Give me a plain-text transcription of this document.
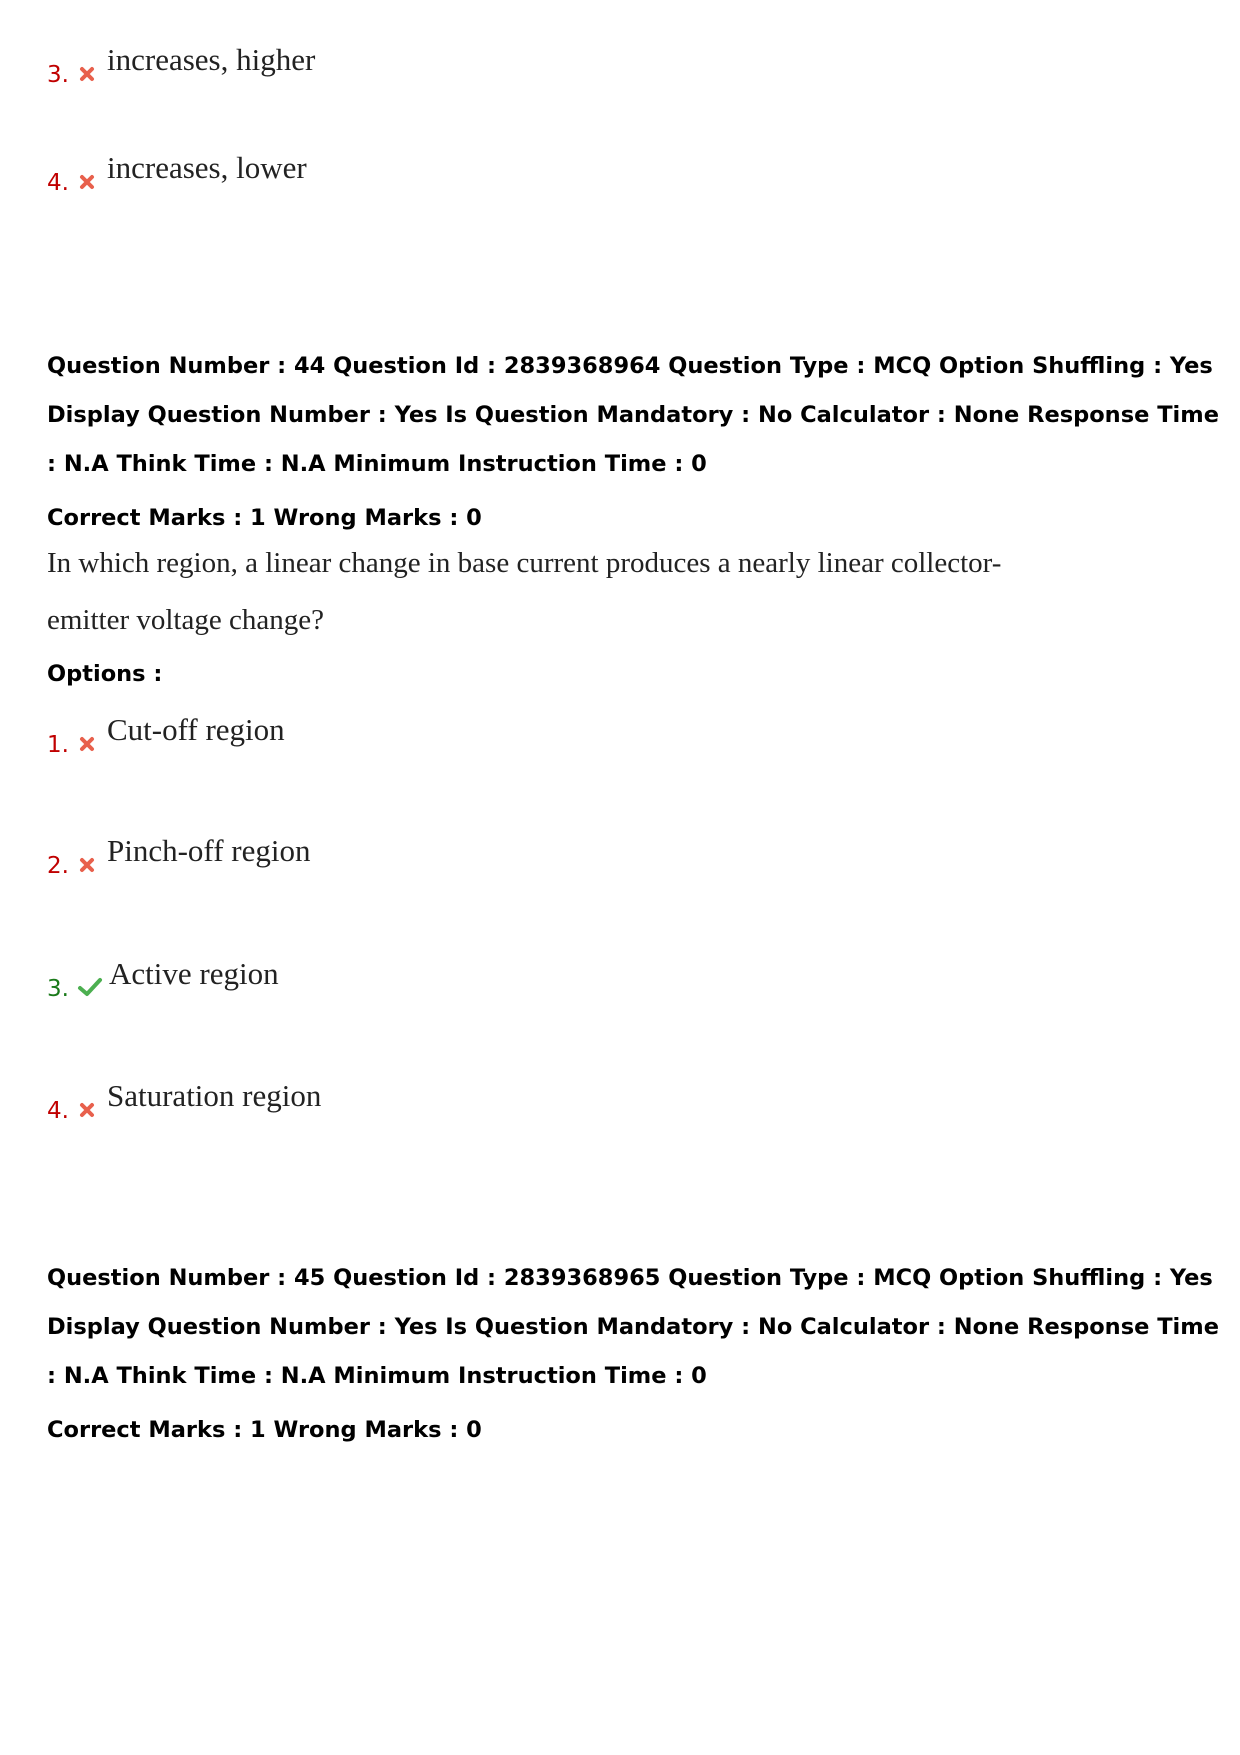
3. increases, higher
4. increases, lower
Question Number : 44 Question Id : 2839368964 Question Type : MCQ Option Shuffling : Yes
Display Question Number : Yes Is Question Mandatory : No Calculator : None Response Time
: N.A Think Time : N.A Minimum Instruction Time : 0
Correct Marks : 1 Wrong Marks : 0
In which region, a linear change in base current produces a nearly linear collector-
emitter voltage change?
Options :
1. Cut-off region
2. Pinch-off region
3. Active region
4. Saturation region
Question Number : 45 Question Id : 2839368965 Question Type : MCQ Option Shuffling : Yes
Display Question Number : Yes Is Question Mandatory : No Calculator : None Response Time
: N.A Think Time : N.A Minimum Instruction Time : 0
Correct Marks : 1 Wrong Marks : 0
